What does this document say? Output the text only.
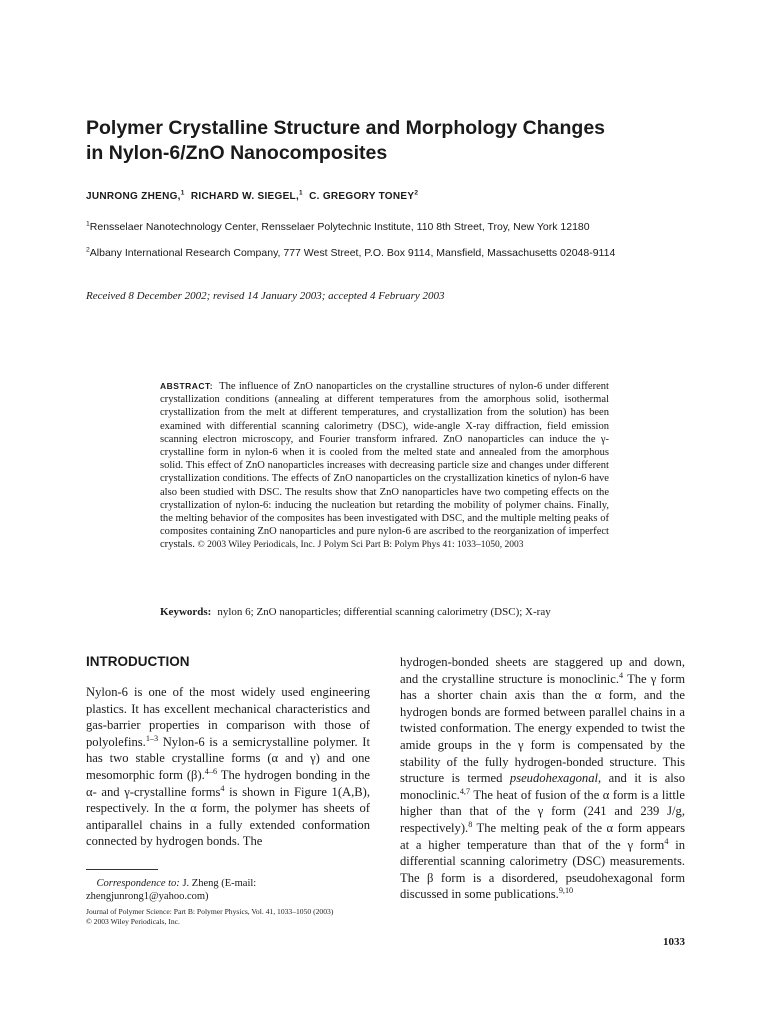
Polymer Crystalline Structure and Morphology Changes
in Nylon-6/ZnO Nanocomposites
JUNRONG ZHENG,$^1$ RICHARD W. SIEGEL,$^1$ C. GREGORY TONEY$^2$
$^1$Rensselaer Nanotechnology Center, Rensselaer Polytechnic Institute, 110 8th Street, Troy, New York 12180
$^2$Albany International Research Company, 777 West Street, P.O. Box 9114, Mansfield, Massachusetts 02048-9114
Received 8 December 2002; revised 14 January 2003; accepted 4 February 2003
ABSTRACT: The influence of ZnO nanoparticles on the crystalline structures of nylon-6 under different crystallization conditions (annealing at different temperatures from the amorphous solid, isothermal crystallization from the melt at different temperatures, and crystallization from the solution) has been examined with differential scanning calorimetry (DSC), wide-angle X-ray diffraction, field emission scanning electron microscopy, and Fourier transform infrared. ZnO nanoparticles can induce the γ-crystalline form in nylon-6 when it is cooled from the melted state and annealed from the amorphous solid. This effect of ZnO nanoparticles increases with decreasing particle size and changes under different crystallization conditions. The effects of ZnO nanoparticles on the crystallization kinetics of nylon-6 have also been studied with DSC. The results show that ZnO nanoparticles have two competing effects on the crystallization of nylon-6: inducing the nucleation but retarding the mobility of polymer chains. Finally, the melting behavior of the composites has been investigated with DSC, and the multiple melting peaks of composites containing ZnO nanoparticles and pure nylon-6 are ascribed to the reorganization of imperfect crystals. © 2003 Wiley Periodicals, Inc. J Polym Sci Part B: Polym Phys 41: 1033–1050, 2003
Keywords: nylon 6; ZnO nanoparticles; differential scanning calorimetry (DSC); X-ray
INTRODUCTION
Nylon-6 is one of the most widely used engineering plastics. It has excellent mechanical characteristics and gas-barrier properties in comparison with those of polyolefins.$^{1-3}$ Nylon-6 is a semicrystalline polymer. It has two stable crystalline forms (α and γ) and one mesomorphic form (β).$^{4-6}$ The hydrogen bonding in the α- and γ-crystalline forms$^4$ is shown in Figure 1(A,B), respectively. In the α form, the polymer has sheets of antiparallel chains in a fully extended conformation connected by hydrogen bonds. The
hydrogen-bonded sheets are staggered up and down, and the crystalline structure is monoclinic.$^4$ The γ form has a shorter chain axis than the α form, and the hydrogen bonds are formed between parallel chains in a twisted conformation. The energy expended to twist the amide groups in the γ form is compensated by the stability of the fully hydrogen-bonded structure. This structure is termed pseudohexagonal, and it is also monoclinic.$^{4,7}$ The heat of fusion of the α form is a little higher than that of the γ form (241 and 239 J/g, respectively).$^8$ The melting peak of the α form appears at a higher temperature than that of the γ form$^4$ in differential scanning calorimetry (DSC) measurements. The β form is a disordered, pseudohexagonal form discussed in some publications.$^{9,10}$
Correspondence to: J. Zheng (E-mail: zhengjunrong1@yahoo.com)
Journal of Polymer Science: Part B: Polymer Physics, Vol. 41, 1033–1050 (2003)
© 2003 Wiley Periodicals, Inc.
1033
